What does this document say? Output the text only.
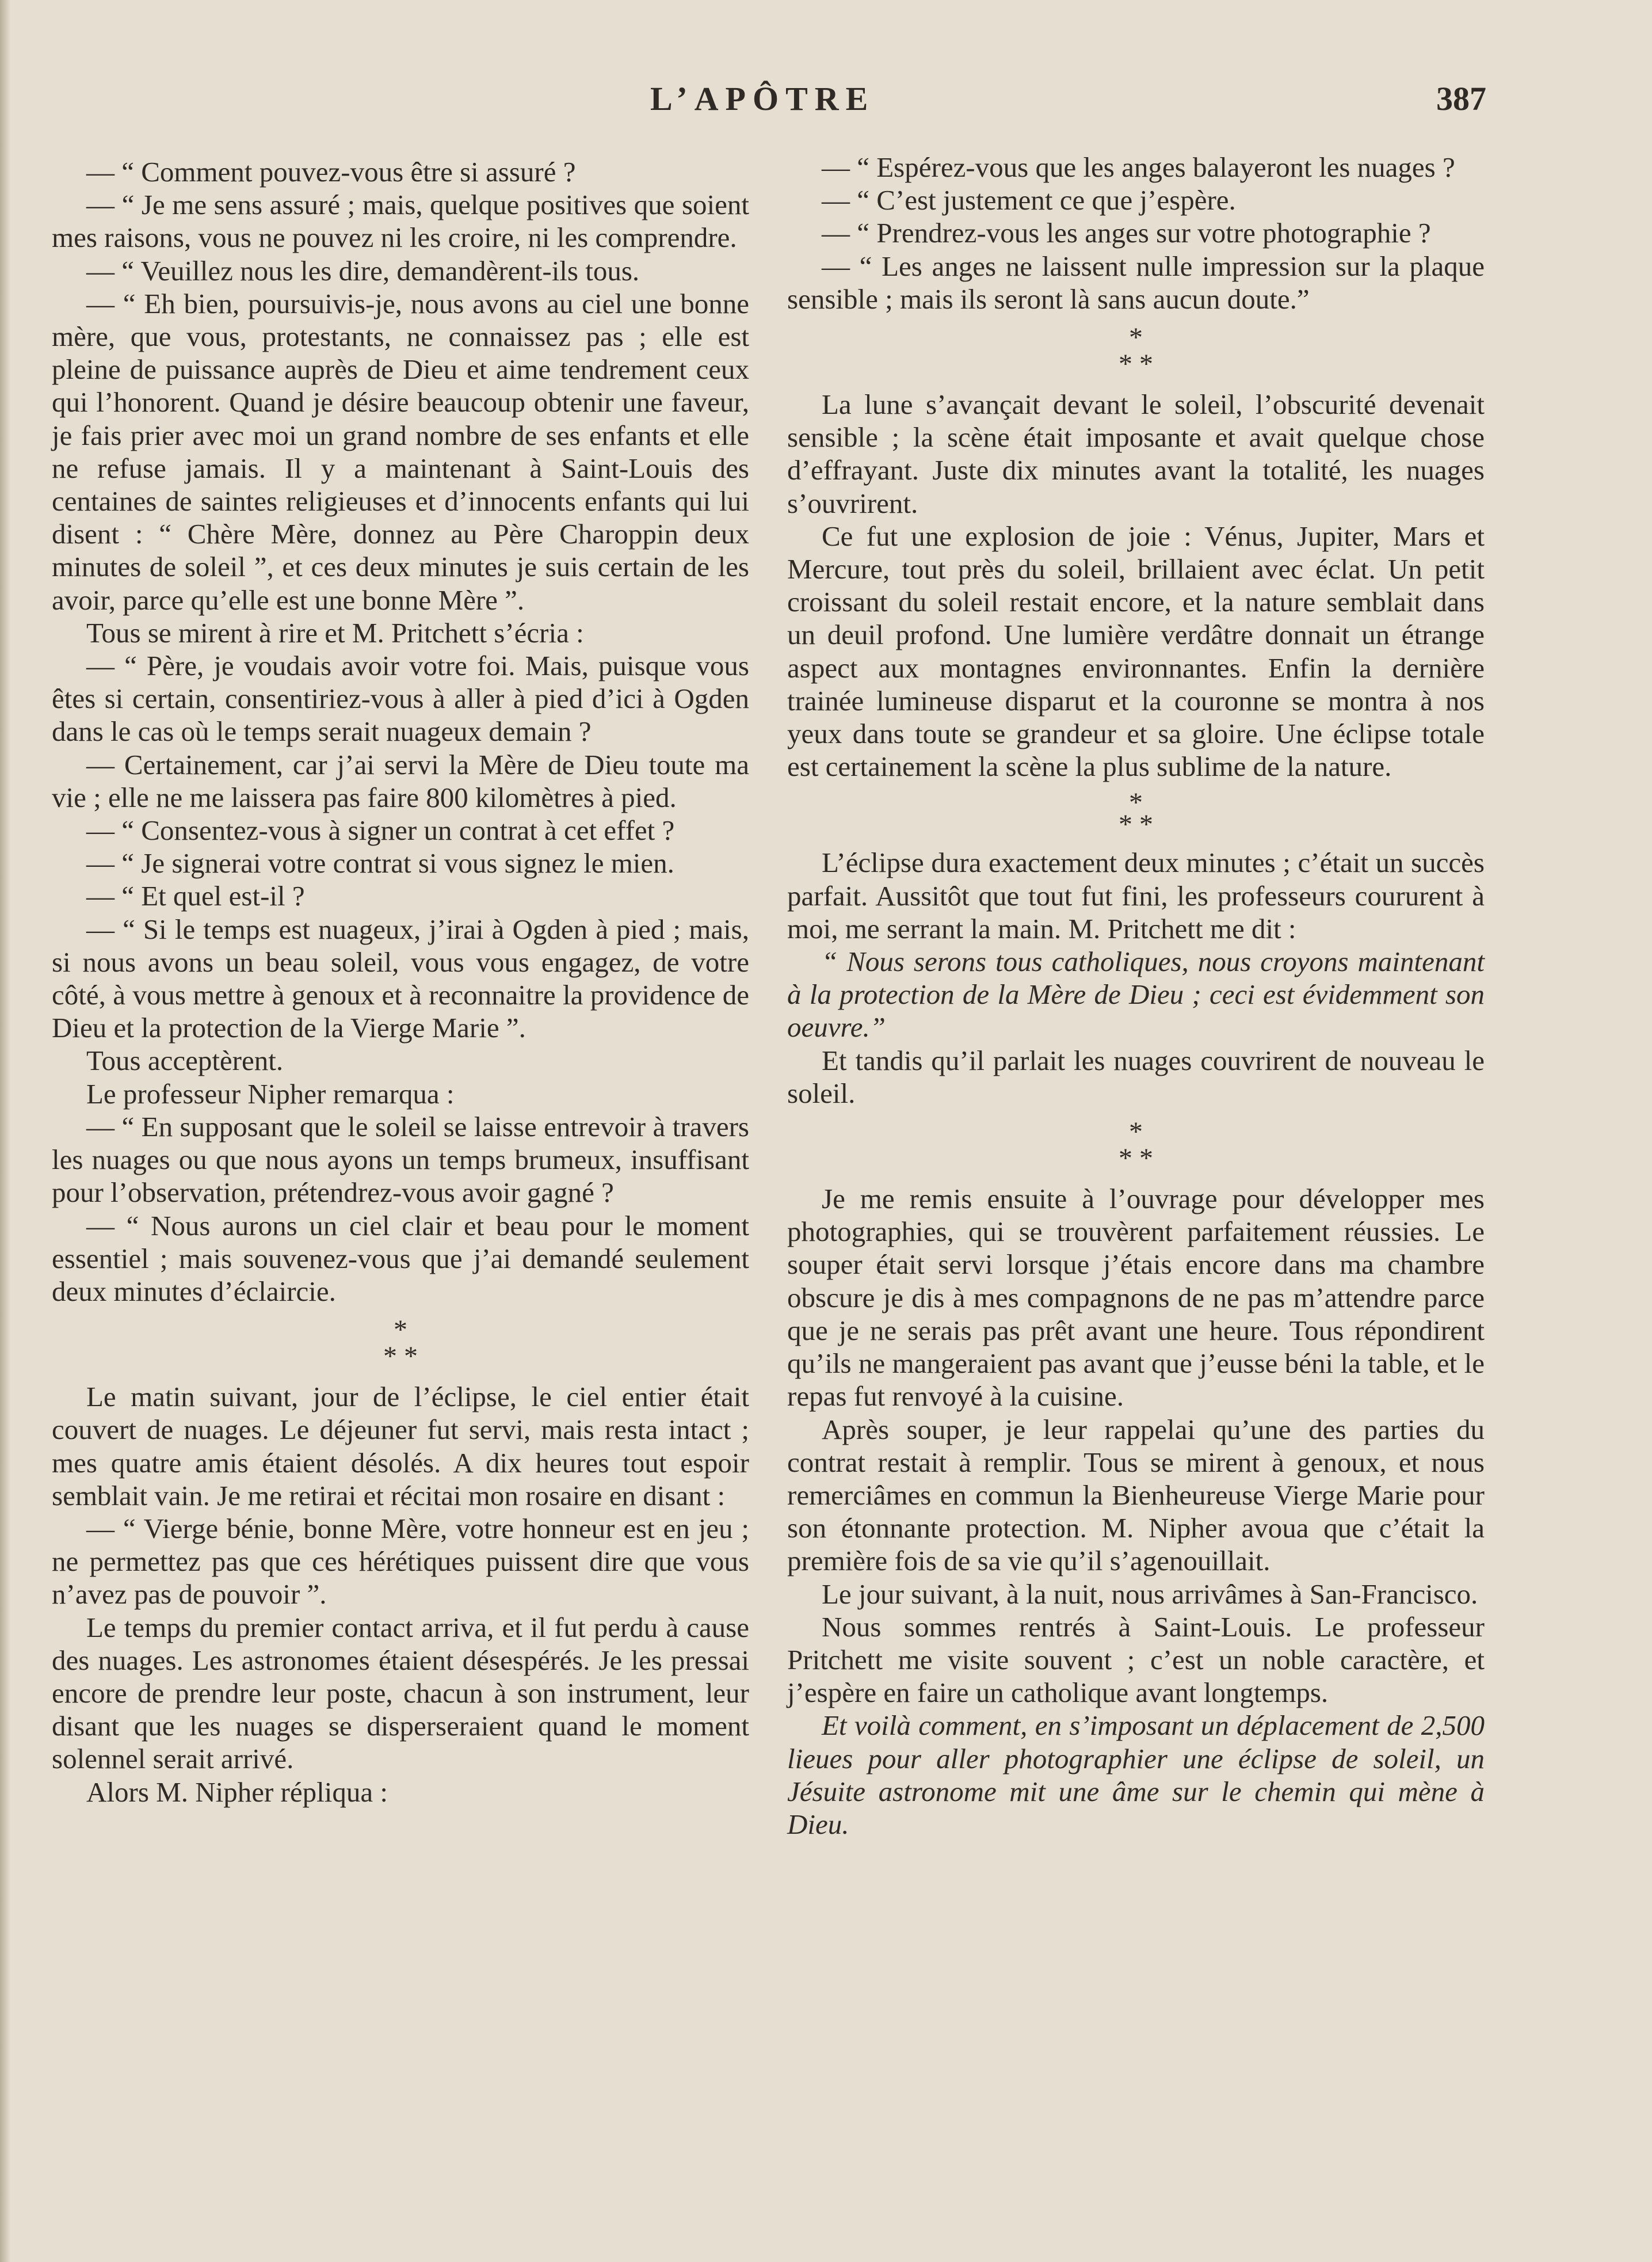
L’APÔTRE	387

— “ Comment pouvez-vous être si assuré ?

— “ Je me sens assuré ; mais, quelque positives que soient mes raisons, vous ne pouvez ni les croire, ni les comprendre.

— “ Veuillez nous les dire, demandèrent-ils tous.

— “ Eh bien, poursuivis-je, nous avons au ciel une bonne mère, que vous, protestants, ne connaissez pas ; elle est pleine de puissance auprès de Dieu et aime tendrement ceux qui l’honorent. Quand je désire beaucoup obtenir une faveur, je fais prier avec moi un grand nombre de ses enfants et elle ne refuse jamais. Il y a maintenant à Saint-Louis des centaines de saintes religieuses et d’innocents enfants qui lui disent : “ Chère Mère, donnez au Père Charoppin deux minutes de soleil ”, et ces deux minutes je suis certain de les avoir, parce qu’elle est une bonne Mère ”.

Tous se mirent à rire et M. Pritchett s’écria :

— “ Père, je voudais avoir votre foi. Mais, puisque vous êtes si certain, consentiriez-vous à aller à pied d’ici à Ogden dans le cas où le temps serait nuageux demain ?

— Certainement, car j’ai servi la Mère de Dieu toute ma vie ; elle ne me laissera pas faire 800 kilomètres à pied.

— “ Consentez-vous à signer un contrat à cet effet ?

— “ Je signerai votre contrat si vous signez le mien.

— “ Et quel est-il ?

— “ Si le temps est nuageux, j’irai à Ogden à pied ; mais, si nous avons un beau soleil, vous vous engagez, de votre côté, à vous mettre à genoux et à reconnaitre la providence de Dieu et la protection de la Vierge Marie ”.

Tous acceptèrent.

Le professeur Nipher remarqua :

— “ En supposant que le soleil se laisse entrevoir à travers les nuages ou que nous ayons un temps brumeux, insuffisant pour l’observation, prétendrez-vous avoir gagné ?

— “ Nous aurons un ciel clair et beau pour le moment essentiel ; mais souvenez-vous que j’ai demandé seulement deux minutes d’éclaircie.

*
* *

Le matin suivant, jour de l’éclipse, le ciel entier était couvert de nuages. Le déjeuner fut servi, mais resta intact ; mes quatre amis étaient désolés. A dix heures tout espoir semblait vain. Je me retirai et récitai mon rosaire en disant :

— “ Vierge bénie, bonne Mère, votre honneur est en jeu ; ne permettez pas que ces hérétiques puissent dire que vous n’avez pas de pouvoir ”.

Le temps du premier contact arriva, et il fut perdu à cause des nuages. Les astronomes étaient désespérés. Je les pressai encore de prendre leur poste, chacun à son instrument, leur disant que les nuages se disperseraient quand le moment solennel serait arrivé.

Alors M. Nipher répliqua :

— “ Espérez-vous que les anges balayeront les nuages ?

— “ C’est justement ce que j’espère.

— “ Prendrez-vous les anges sur votre photographie ?

— “ Les anges ne laissent nulle impression sur la plaque sensible ; mais ils seront là sans aucun doute.”

*
* *

La lune s’avançait devant le soleil, l’obscurité devenait sensible ; la scène était imposante et avait quelque chose d’effrayant. Juste dix minutes avant la totalité, les nuages s’ouvrirent.

Ce fut une explosion de joie : Vénus, Jupiter, Mars et Mercure, tout près du soleil, brillaient avec éclat. Un petit croissant du soleil restait encore, et la nature semblait dans un deuil profond. Une lumière verdâtre donnait un étrange aspect aux montagnes environnantes. Enfin la dernière trainée lumineuse disparut et la couronne se montra à nos yeux dans toute se grandeur et sa gloire. Une éclipse totale est certainement la scène la plus sublime de la nature.

*
* *

L’éclipse dura exactement deux minutes ; c’était un succès parfait. Aussitôt que tout fut fini, les professeurs coururent à moi, me serrant la main. M. Pritchett me dit :

“ Nous serons tous catholiques, nous croyons maintenant à la protection de la Mère de Dieu ; ceci est évidemment son oeuvre.”

Et tandis qu’il parlait les nuages couvrirent de nouveau le soleil.

*
* *

Je me remis ensuite à l’ouvrage pour développer mes photographies, qui se trouvèrent parfaitement réussies. Le souper était servi lorsque j’étais encore dans ma chambre obscure je dis à mes compagnons de ne pas m’attendre parce que je ne serais pas prêt avant une heure. Tous répondirent qu’ils ne mangeraient pas avant que j’eusse béni la table, et le repas fut renvoyé à la cuisine.

Après souper, je leur rappelai qu’une des parties du contrat restait à remplir. Tous se mirent à genoux, et nous remerciâmes en commun la Bienheureuse Vierge Marie pour son étonnante protection. M. Nipher avoua que c’était la première fois de sa vie qu’il s’agenouillait.

Le jour suivant, à la nuit, nous arrivâmes à San-Francisco.

Nous sommes rentrés à Saint-Louis. Le professeur Pritchett me visite souvent ; c’est un noble caractère, et j’espère en faire un catholique avant longtemps.

Et voilà comment, en s’imposant un déplacement de 2,500 lieues pour aller photographier une éclipse de soleil, un Jésuite astronome mit une âme sur le chemin qui mène à Dieu.
